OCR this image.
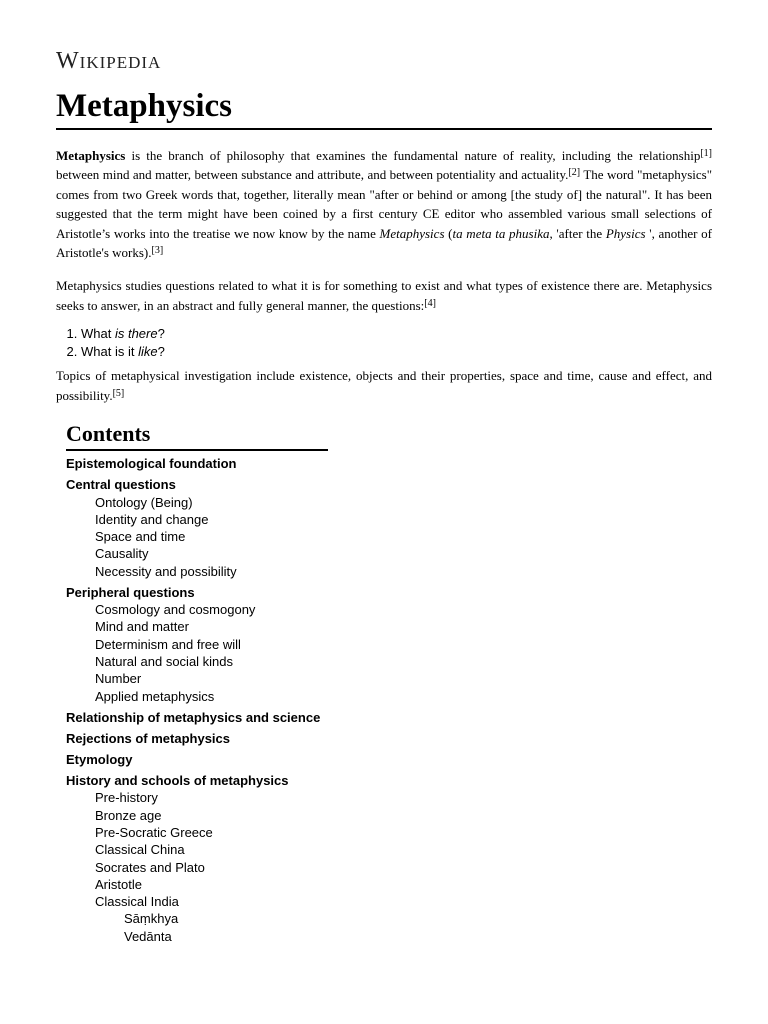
Wikipedia
Metaphysics

Metaphysics is the branch of philosophy that examines the fundamental nature of reality, including the relationship[1] between mind and matter, between substance and attribute, and between potentiality and actuality.[2] The word "metaphysics" comes from two Greek words that, together, literally mean "after or behind or among [the study of] the natural". It has been suggested that the term might have been coined by a first century CE editor who assembled various small selections of Aristotle’s works into the treatise we now know by the name Metaphysics (ta meta ta phusika, 'after the Physics ', another of Aristotle's works).[3]

Metaphysics studies questions related to what it is for something to exist and what types of existence there are. Metaphysics seeks to answer, in an abstract and fully general manner, the questions:[4]

1. What is there?
2. What is it like?

Topics of metaphysical investigation include existence, objects and their properties, space and time, cause and effect, and possibility.[5]

Contents
Epistemological foundation
Central questions
Ontology (Being)
Identity and change
Space and time
Causality
Necessity and possibility
Peripheral questions
Cosmology and cosmogony
Mind and matter
Determinism and free will
Natural and social kinds
Number
Applied metaphysics
Relationship of metaphysics and science
Rejections of metaphysics
Etymology
History and schools of metaphysics
Pre-history
Bronze age
Pre-Socratic Greece
Classical China
Socrates and Plato
Aristotle
Classical India
Sāṃkhya
Vedānta
